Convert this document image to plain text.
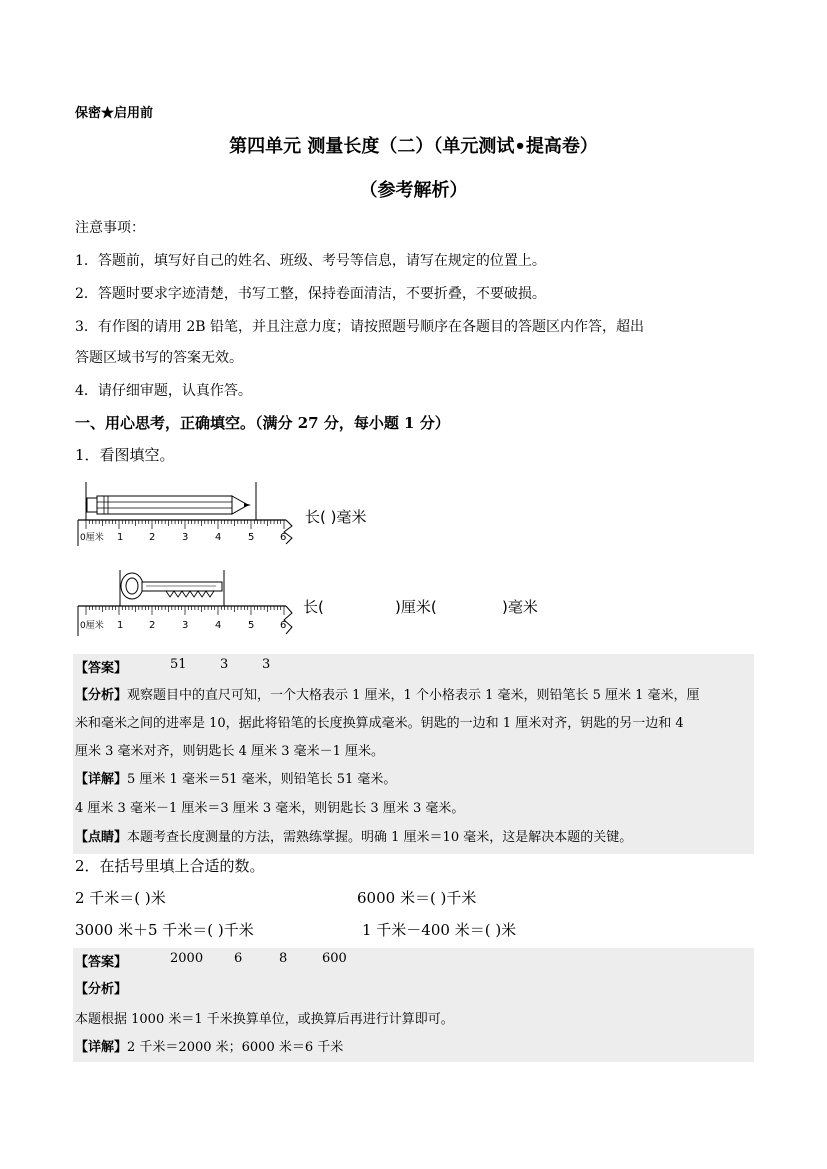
保密★启用前
第四单元 测量长度（二）（单元测试•提高卷）
（参考解析）
注意事项：
1．答题前，填写好自己的姓名、班级、考号等信息，请写在规定的位置上。
2．答题时要求字迹清楚，书写工整，保持卷面清洁，不要折叠，不要破损。
3．有作图的请用 2B 铅笔，并且注意力度；请按照题号顺序在各题目的答题区内作答，超出
答题区域书写的答案无效。
4．请仔细审题，认真作答。
一、用心思考，正确填空。（满分 27 分，每小题 1 分）
1．看图填空。
0厘米 1	2	3	4	5	6
长( )毫米
0厘米 1	2	3	4	5	6
长(	)厘米(	)毫米
【答案】	51	3	3
【分析】观察题目中的直尺可知，一个大格表示 1 厘米，1 个小格表示 1 毫米，则铅笔长 5 厘米 1 毫米，厘
米和毫米之间的进率是 10，据此将铅笔的长度换算成毫米。钥匙的一边和 1 厘米对齐，钥匙的另一边和 4
厘米 3 毫米对齐，则钥匙长 4 厘米 3 毫米－1 厘米。
【详解】5 厘米 1 毫米＝51 毫米，则铅笔长 51 毫米。
4 厘米 3 毫米－1 厘米＝3 厘米 3 毫米，则钥匙长 3 厘米 3 毫米。
【点睛】本题考查长度测量的方法，需熟练掌握。明确 1 厘米＝10 毫米，这是解决本题的关键。
2．在括号里填上合适的数。
2 千米＝( )米	6000 米＝( )千米
3000 米＋5 千米＝( )千米	1 千米－400 米＝( )米
【答案】	2000 6	8	600
【分析】
本题根据 1000 米＝1 千米换算单位，或换算后再进行计算即可。
【详解】2 千米＝2000 米；6000 米＝6 千米
